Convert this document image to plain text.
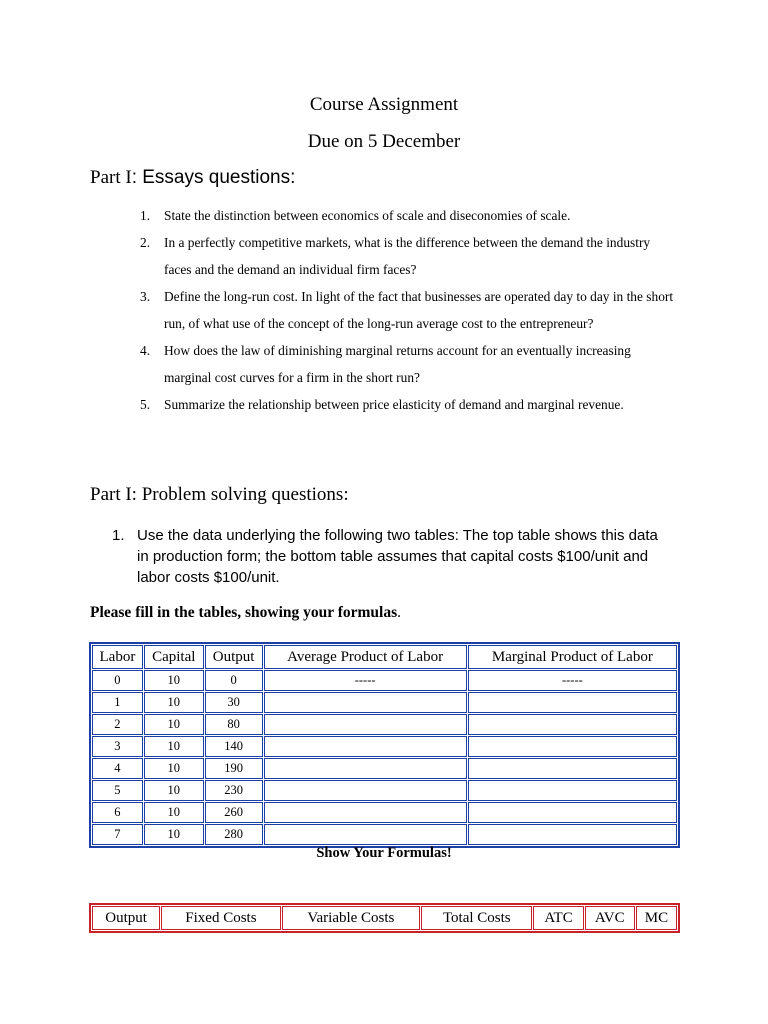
Course Assignment
Due on 5 December
Part I: Essays questions:
1. State the distinction between economics of scale and diseconomies of scale.
2. In a perfectly competitive markets, what is the difference between the demand the industry faces and the demand an individual firm faces?
3. Define the long-run cost. In light of the fact that businesses are operated day to day in the short run, of what use of the concept of the long-run average cost to the entrepreneur?
4. How does the law of diminishing marginal returns account for an eventually increasing marginal cost curves for a firm in the short run?
5. Summarize the relationship between price elasticity of demand and marginal revenue.
Part I: Problem solving questions:
1. Use the data underlying the following two tables: The top table shows this data in production form; the bottom table assumes that capital costs $100/unit and labor costs $100/unit.
Please fill in the tables, showing your formulas.
Labor	Capital	Output	Average Product of Labor	Marginal Product of Labor
0	10	0	-----	-----
1	10	30		
2	10	80		
3	10	140		
4	10	190		
5	10	230		
6	10	260		
7	10	280		
Show Your Formulas!
Output	Fixed Costs	Variable Costs	Total Costs	ATC	AVC	MC
